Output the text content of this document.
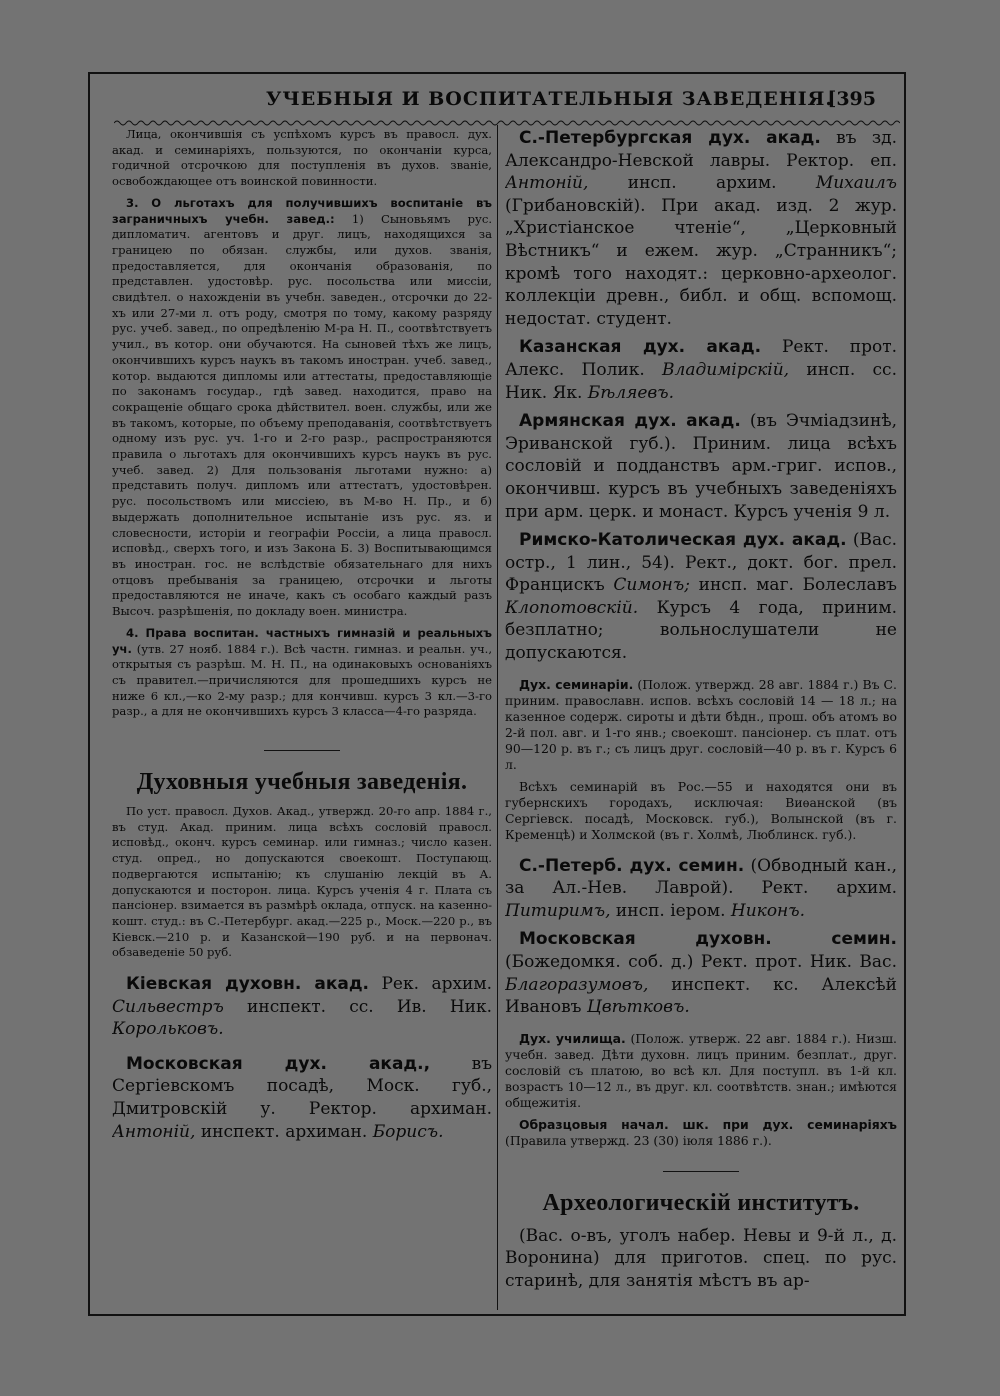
УЧЕБНЫЯ И ВОСПИТАТЕЛЬНЫЯ ЗАВЕДЕНІЯ.
[395

Лица, окончившія съ успѣхомъ курсъ въ правосл. дух. акад. и семинаріяхъ, пользуются, по окончаніи курса, годичной отсрочкою для поступленія въ духов. званіе, освобождающее отъ воинской повинности.

3. О льготахъ для получившихъ воспитаніе въ заграничныхъ учебн. завед.: 1) Сыновьямъ рус. дипломатич. агентовъ и друг. лицъ, находящихся за границею по обязан. службы, или духов. званія, предоставляется, для окончанія образованія, по представлен. удостовѣр. рус. посольства или миссіи, свидѣтел. о нахожденіи въ учебн. заведен., отсрочки до 22-хъ или 27-ми л. отъ роду, смотря по тому, какому разряду рус. учеб. завед., по опредѣленію М-ра Н. П., соотвѣтствуетъ учил., въ котор. они обучаются. На сыновей тѣхъ же лицъ, окончившихъ курсъ наукъ въ такомъ иностран. учеб. завед., котор. выдаются дипломы или аттестаты, предоставляющіе по законамъ государ., гдѣ завед. находится, право на сокращеніе общаго срока дѣйствител. воен. службы, или же въ такомъ, которые, по объему преподаванія, соотвѣтствуетъ одному изъ рус. уч. 1-го и 2-го разр., распространяются правила о льготахъ для окончившихъ курсъ наукъ въ рус. учеб. завед. 2) Для пользованія льготами нужно: а) представить получ. дипломъ или аттестатъ, удостовѣрен. рус. посольствомъ или миссіею, въ М-во Н. Пр., и б) выдержать дополнительное испытаніе изъ рус. яз. и словесности, исторіи и географіи Россіи, а лица правосл. исповѣд., сверхъ того, и изъ Закона Б. 3) Воспитывающимся въ иностран. гос. не вслѣдствіе обязательнаго для нихъ отцовъ пребыванія за границею, отсрочки и льготы предоставляются не иначе, какъ съ особаго каждый разъ Высоч. разрѣшенія, по докладу воен. министра.

4. Права воспитан. частныхъ гимназій и реальныхъ уч. (утв. 27 нояб. 1884 г.). Всѣ частн. гимназ. и реальн. уч., открытыя съ разрѣш. М. Н. П., на одинаковыхъ основаніяхъ съ правител.—причисляются для прошедшихъ курсъ не ниже 6 кл.,—ко 2-му разр.; для кончивш. курсъ 3 кл.—3-го разр., а для не окончившихъ курсъ 3 класса—4-го разряда.

Духовныя учебныя заведенія.

По уст. правосл. Духов. Акад., утвержд. 20-го апр. 1884 г., въ студ. Акад. приним. лица всѣхъ сословій правосл. исповѣд., оконч. курсъ семинар. или гимназ.; число казен. студ. опред., но допускаются своекошт. Поступающ. подвергаются испытанію; къ слушанію лекцій въ А. допускаются и посторон. лица. Курсъ ученія 4 г. Плата съ пансіонер. взимается въ размѣрѣ оклада, отпуск. на казенно-кошт. студ.: въ С.-Петербург. акад.—225 р., Моск.—220 р., въ Кіевск.—210 р. и Казанской—190 руб. и на первонач. обзаведеніе 50 руб.

Кіевская духовн. акад. Рек. архим. Сильвестръ инспект. сс. Ив. Ник. Корольковъ.

Московская дух. акад., въ Сергіевскомъ посадѣ, Моск. губ., Дмитровскій у. Ректор. архиман. Антоній, инспект. архиман. Борисъ.

С.-Петербургская дух. акад. въ зд. Александро-Невской лавры. Ректор. еп. Антоній, инсп. архим. Михаилъ (Грибановскій). При акад. изд. 2 жур. „Христіанское чтеніе“, „Церковный Вѣстникъ“ и ежем. жур. „Странникъ“; кромѣ того находят.: церковно-археолог. коллекціи древн., библ. и общ. вспомощ. недостат. студент.

Казанская дух. акад. Рект. прот. Алекс. Полик. Владимірскій, инсп. сс. Ник. Як. Бѣляевъ.

Армянская дух. акад. (въ Эчміадзинѣ, Эриванской губ.). Приним. лица всѣхъ сословій и подданствъ арм.-григ. испов., окончивш. курсъ въ учебныхъ заведеніяхъ при арм. церк. и монаст. Курсъ ученія 9 л.

Римско-Католическая дух. акад. (Вас. остр., 1 лин., 54). Рект., докт. бог. прел. Францискъ Симонъ; инсп. маг. Болеславъ Клопотовскій. Курсъ 4 года, приним. безплатно; вольнослушатели не допускаются.

Дух. семинаріи. (Полож. утвержд. 28 авг. 1884 г.) Въ С. приним. православн. испов. всѣхъ сословій 14 — 18 л.; на казенное содерж. сироты и дѣти бѣдн., прош. объ атомъ во 2-й пол. авг. и 1-го янв.; своекошт. пансіонер. съ плат. отъ 90—120 р. въ г.; съ лицъ друг. сословій—40 р. въ г. Курсъ 6 л.

Всѣхъ семинарій въ Рос.—55 и находятся они въ губернскихъ городахъ, исключая: Виѳанской (въ Сергіевск. посадѣ, Московск. губ.), Волынской (въ г. Кременцѣ) и Холмской (въ г. Холмѣ, Люблинск. губ.).

С.-Петерб. дух. семин. (Обводный кан., за Ал.-Нев. Лаврой). Рект. архим. Питиримъ, инсп. іером. Никонъ.

Московская духовн. семин. (Божедомкя. соб. д.) Рект. прот. Ник. Вас. Благоразумовъ, инспект. кс. Алексѣй Ивановъ Цвѣтковъ.

Дух. училища. (Полож. утверж. 22 авг. 1884 г.). Низш. учебн. завед. Дѣти духовн. лицъ приним. безплат., друг. сословій съ платою, во всѣ кл. Для поступл. въ 1-й кл. возрастъ 10—12 л., въ друг. кл. соотвѣтств. знан.; имѣются общежитія.

Образцовыя начал. шк. при дух. семинаріяхъ (Правила утвержд. 23 (30) іюля 1886 г.).

Археологическій институтъ.

(Вас. о-въ, уголъ набер. Невы и 9-й л., д. Воронина) для приготов. спец. по рус. старинѣ, для занятія мѣстъ въ ар-
